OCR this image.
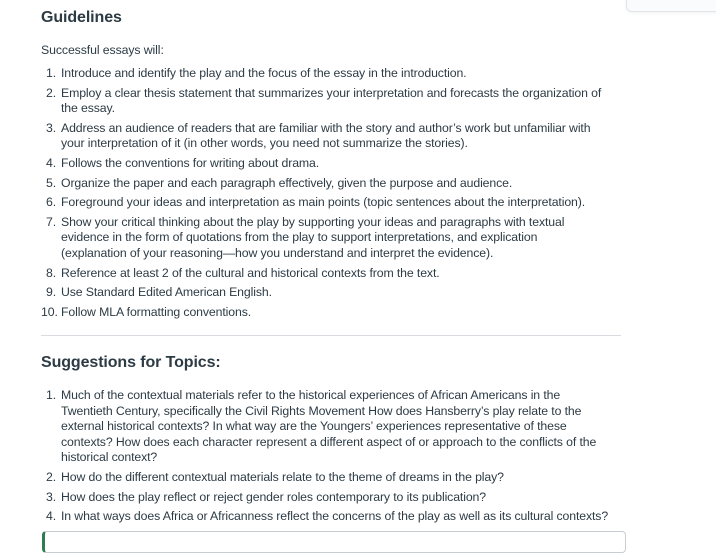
Guidelines
Successful essays will:
1. Introduce and identify the play and the focus of the essay in the introduction.
2. Employ a clear thesis statement that summarizes your interpretation and forecasts the organization of
the essay.
3. Address an audience of readers that are familiar with the story and author’s work but unfamiliar with
your interpretation of it (in other words, you need not summarize the stories).
4. Follows the conventions for writing about drama.
5. Organize the paper and each paragraph effectively, given the purpose and audience.
6. Foreground your ideas and interpretation as main points (topic sentences about the interpretation).
7. Show your critical thinking about the play by supporting your ideas and paragraphs with textual
evidence in the form of quotations from the play to support interpretations, and explication
(explanation of your reasoning—how you understand and interpret the evidence).
8. Reference at least 2 of the cultural and historical contexts from the text.
9. Use Standard Edited American English.
10. Follow MLA formatting conventions.
Suggestions for Topics:
1. Much of the contextual materials refer to the historical experiences of African Americans in the
Twentieth Century, specifically the Civil Rights Movement How does Hansberry’s play relate to the
external historical contexts? In what way are the Youngers’ experiences representative of these
contexts? How does each character represent a different aspect of or approach to the conflicts of the
historical context?
2. How do the different contextual materials relate to the theme of dreams in the play?
3. How does the play reflect or reject gender roles contemporary to its publication?
4. In what ways does Africa or Africanness reflect the concerns of the play as well as its cultural contexts?
